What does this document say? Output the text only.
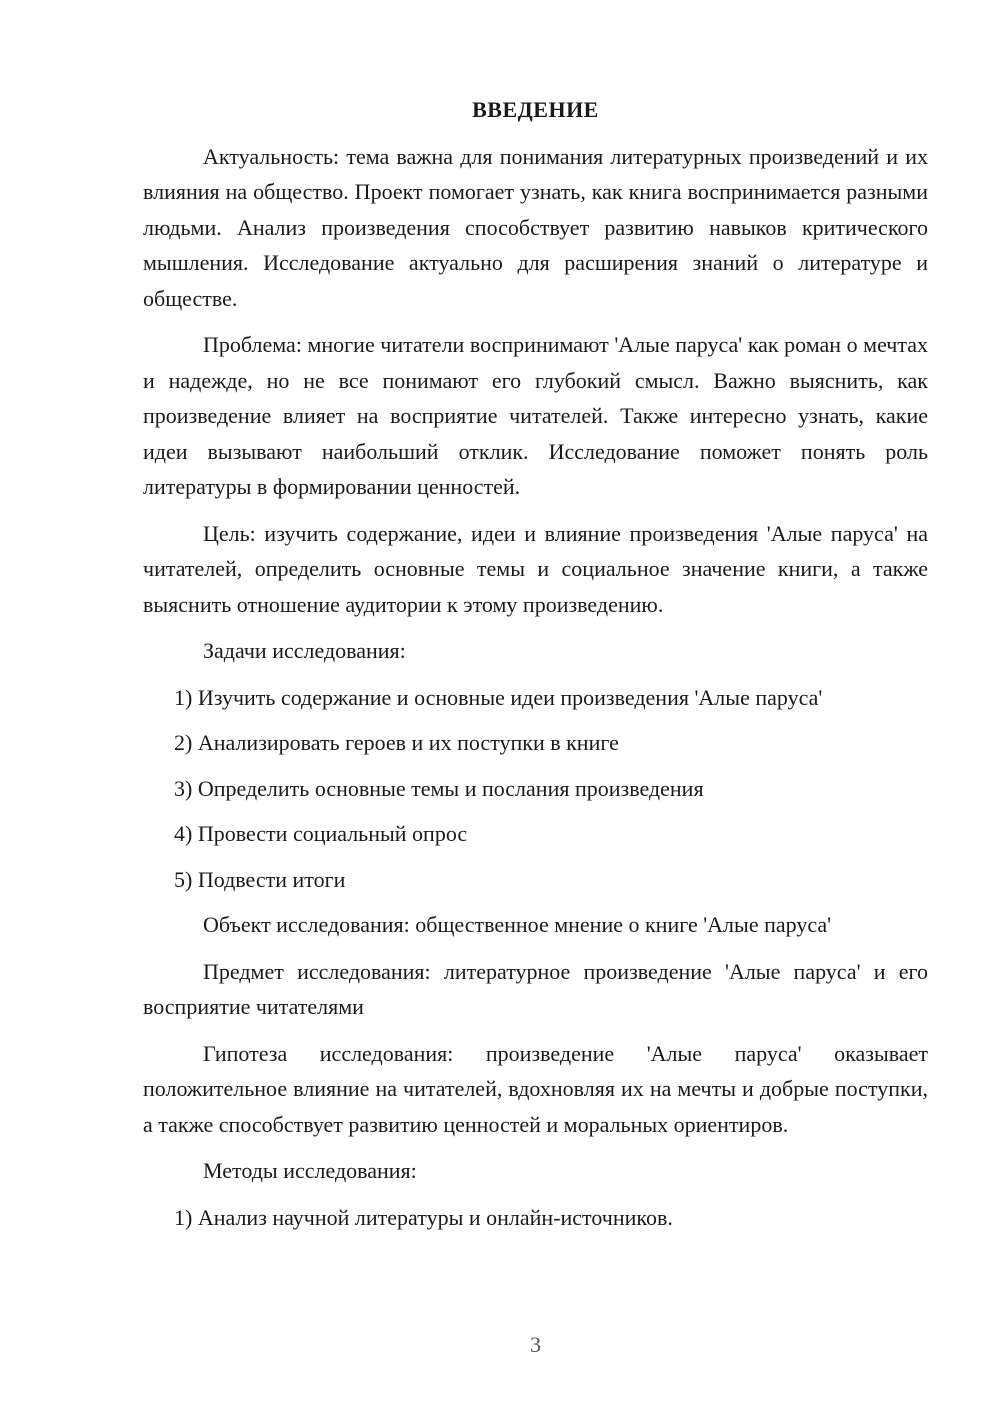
ВВЕДЕНИЕ
Актуальность: тема важна для понимания литературных произведений и их влияния на общество. Проект помогает узнать, как книга воспринимается разными людьми. Анализ произведения способствует развитию навыков критического мышления. Исследование актуально для расширения знаний о литературе и обществе.
Проблема: многие читатели воспринимают 'Алые паруса' как роман о мечтах и надежде, но не все понимают его глубокий смысл. Важно выяснить, как произведение влияет на восприятие читателей. Также интересно узнать, какие идеи вызывают наибольший отклик. Исследование поможет понять роль литературы в формировании ценностей.
Цель: изучить содержание, идеи и влияние произведения 'Алые паруса' на читателей, определить основные темы и социальное значение книги, а также выяснить отношение аудитории к этому произведению.
Задачи исследования:
1) Изучить содержание и основные идеи произведения 'Алые паруса'
2) Анализировать героев и их поступки в книге
3) Определить основные темы и послания произведения
4) Провести социальный опрос
5) Подвести итоги
Объект исследования: общественное мнение о книге 'Алые паруса'
Предмет исследования: литературное произведение 'Алые паруса' и его восприятие читателями
Гипотеза исследования: произведение 'Алые паруса' оказывает положительное влияние на читателей, вдохновляя их на мечты и добрые поступки, а также способствует развитию ценностей и моральных ориентиров.
Методы исследования:
1) Анализ научной литературы и онлайн-источников.
3
